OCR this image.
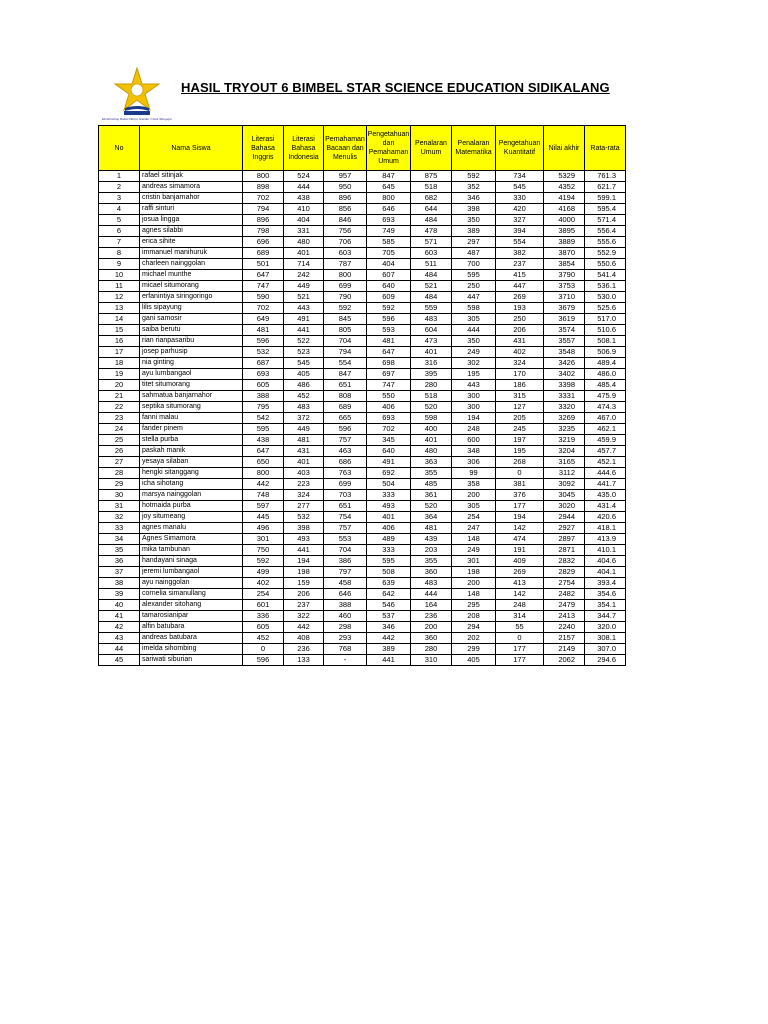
"Membimbing Bukan Hanya Sekedar Untuk Mengajar"
HASIL TRYOUT 6 BIMBEL STAR SCIENCE EDUCATION SIDIKALANG
No	Nama Siswa	Literasi Bahasa Inggris	Literasi Bahasa Indonesia	Pemahaman Bacaan dan Menulis	Pengetahuan dan Pemahaman Umum	Penalaran Umum	Penalaran Matematika	Pengetahuan Kuantitatif	Nilai akhir	Rata-rata
1	rafael sitinjak	800	524	957	847	875	592	734	5329	761.3
2	andreas simamora	898	444	950	645	518	352	545	4352	621.7
3	cristin banjarnahor	702	438	896	800	682	346	330	4194	599.1
4	raffi sinturi	794	410	856	646	644	398	420	4168	595.4
5	josua lingga	896	404	846	693	484	350	327	4000	571.4
6	agnes silabbi	798	331	756	749	478	389	394	3895	556.4
7	erica sihite	696	480	706	585	571	297	554	3889	555.6
8	immanuel manihuruk	689	401	603	705	603	487	382	3870	552.9
9	charleen nainggolan	501	714	787	404	511	700	237	3854	550.6
10	michael munthe	647	242	800	607	484	595	415	3790	541.4
11	micael situmorang	747	449	699	640	521	250	447	3753	536.1
12	erfanintiya siringoringo	590	521	790	609	484	447	269	3710	530.0
13	lilis sipayung	702	443	592	592	559	598	193	3679	525.6
14	gani samosir	649	491	845	596	483	305	250	3619	517.0
15	saiba berutu	481	441	805	593	604	444	206	3574	510.6
16	rian rianpasaribu	596	522	704	481	473	350	431	3557	508.1
17	josep parhusip	532	523	794	647	401	249	402	3548	506.9
18	nia ginting	687	545	554	698	316	302	324	3426	489.4
19	ayu lumbangaol	693	405	847	697	395	195	170	3402	486.0
20	titet situmorang	605	486	651	747	280	443	186	3398	485.4
21	sahmatua banjarnahor	388	452	808	550	518	300	315	3331	475.9
22	septika situmorang	795	483	689	406	520	300	127	3320	474.3
23	fanni malau	542	372	665	693	598	194	205	3269	467.0
24	fander pinem	595	449	596	702	400	248	245	3235	462.1
25	stella purba	438	481	757	345	401	600	197	3219	459.9
26	paskah manik	647	431	463	640	480	348	195	3204	457.7
27	yesaya silaban	650	401	686	491	363	306	268	3165	452.1
28	hengki sitanggang	800	403	763	692	355	99	0	3112	444.6
29	icha sihotang	442	223	699	504	485	358	381	3092	441.7
30	marsya nainggolan	748	324	703	333	361	200	376	3045	435.0
31	hotmaida purba	597	277	651	493	520	305	177	3020	431.4
32	joy situmeang	445	532	754	401	364	254	194	2944	420.6
33	agnes manalu	496	398	757	406	481	247	142	2927	418.1
34	Agnes Simamora	301	493	553	489	439	148	474	2897	413.9
35	mika tambunan	750	441	704	333	203	249	191	2871	410.1
36	handayani sinaga	592	194	386	595	355	301	409	2832	404.6
37	jeremi lumbangaol	499	198	797	508	360	198	269	2829	404.1
38	ayu nainggolan	402	159	458	639	483	200	413	2754	393.4
39	cornelia simanullang	254	206	646	642	444	148	142	2482	354.6
40	alexander sitohang	601	237	388	546	164	295	248	2479	354.1
41	tamarosianipar	336	322	460	537	236	208	314	2413	344.7
42	alfin batubara	605	442	298	346	200	294	55	2240	320.0
43	andreas batubara	452	408	293	442	360	202	0	2157	308.1
44	imelda sihombing	0	236	768	389	280	299	177	2149	307.0
45	sariwati siburian	596	133	-	441	310	405	177	2062	294.6
